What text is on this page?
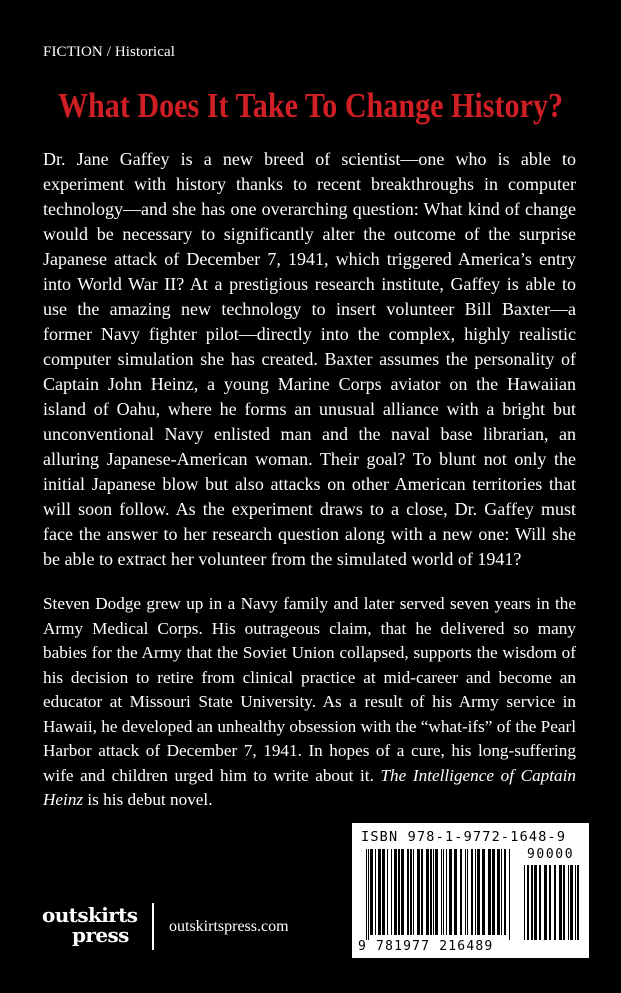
FICTION / Historical
What Does It Take To Change History?

Dr. Jane Gaffey is a new breed of scientist—one who is able to experiment with history thanks to recent breakthroughs in computer technology—and she has one overarching question: What kind of change would be necessary to significantly alter the outcome of the surprise Japanese attack of December 7, 1941, which triggered America’s entry into World War II? At a prestigious research institute, Gaffey is able to use the amazing new technology to insert volunteer Bill Baxter—a former Navy fighter pilot—directly into the complex, highly realistic computer simulation she has created. Baxter assumes the personality of Captain John Heinz, a young Marine Corps aviator on the Hawaiian island of Oahu, where he forms an unusual alliance with a bright but unconventional Navy enlisted man and the naval base librarian, an alluring Japanese-American woman. Their goal? To blunt not only the initial Japanese blow but also attacks on other American territories that will soon follow. As the experiment draws to a close, Dr. Gaffey must face the answer to her research question along with a new one: Will she be able to extract her volunteer from the simulated world of 1941?

Steven Dodge grew up in a Navy family and later served seven years in the Army Medical Corps. His outrageous claim, that he delivered so many babies for the Army that the Soviet Union collapsed, supports the wisdom of his decision to retire from clinical practice at mid-career and become an educator at Missouri State University. As a result of his Army service in Hawaii, he developed an unhealthy obsession with the “what-ifs” of the Pearl Harbor attack of December 7, 1941. In hopes of a cure, his long-suffering wife and children urged him to write about it. The Intelligence of Captain Heinz is his debut novel.

ISBN 978-1-9772-1648-9
90000
9 781977 216489
outskirts
press	outskirtspress.com
